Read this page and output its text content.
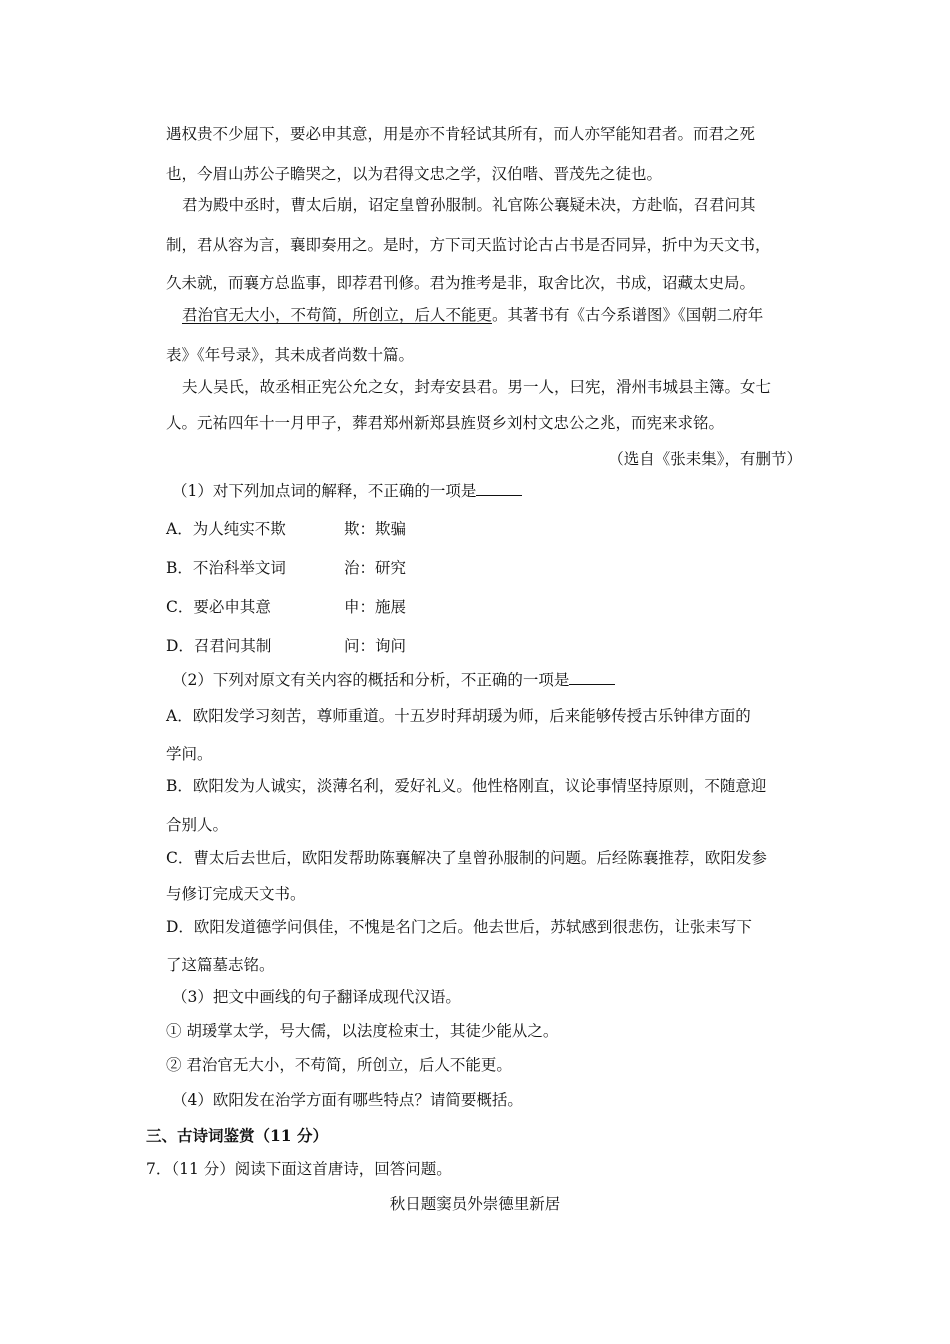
遇权贵不少屈下，要必申其意，用是亦不肯轻试其所有，而人亦罕能知君者。而君之死
也，今眉山苏公子瞻哭之，以为君得文忠之学，汉伯喈、晋茂先之徒也。
君为殿中丞时，曹太后崩，诏定皇曾孙服制。礼官陈公襄疑未决，方赴临，召君问其
制，君从容为言，襄即奏用之。是时，方下司天监讨论古占书是否同异，折中为天文书，
久未就，而襄方总监事，即荐君刊修。君为推考是非，取舍比次，书成，诏藏太史局。
君治官无大小，不苟简，所创立，后人不能更。其著书有《古今系谱图》《国朝二府年
表》《年号录》，其未成者尚数十篇。
夫人吴氏，故丞相正宪公允之女，封寿安县君。男一人，曰宪，滑州韦城县主簿。女七
人。元祐四年十一月甲子，葬君郑州新郑县旌贤乡刘村文忠公之兆，而宪来求铭。
（选自《张耒集》，有删节）
（1）对下列加点词的解释，不正确的一项是
A．为人纯实不欺	欺：欺骗
B．不治科举文词	治：研究
C．要必申其意	申：施展
D．召君问其制	问：询问
（2）下列对原文有关内容的概括和分析，不正确的一项是
A．欧阳发学习刻苦，尊师重道。十五岁时拜胡瑗为师，后来能够传授古乐钟律方面的
学问。
B．欧阳发为人诚实，淡薄名利，爱好礼义。他性格刚直，议论事情坚持原则，不随意迎
合别人。
C．曹太后去世后，欧阳发帮助陈襄解决了皇曾孙服制的问题。后经陈襄推荐，欧阳发参
与修订完成天文书。
D．欧阳发道德学问俱佳，不愧是名门之后。他去世后，苏轼感到很悲伤，让张耒写下
了这篇墓志铭。
（3）把文中画线的句子翻译成现代汉语。
① 胡瑗掌太学，号大儒，以法度检束士，其徒少能从之。
② 君治官无大小，不苟简，所创立，后人不能更。
（4）欧阳发在治学方面有哪些特点？请简要概括。
三、古诗词鉴赏（11 分）
7．（11 分）阅读下面这首唐诗，回答问题。
秋日题窦员外崇德里新居
